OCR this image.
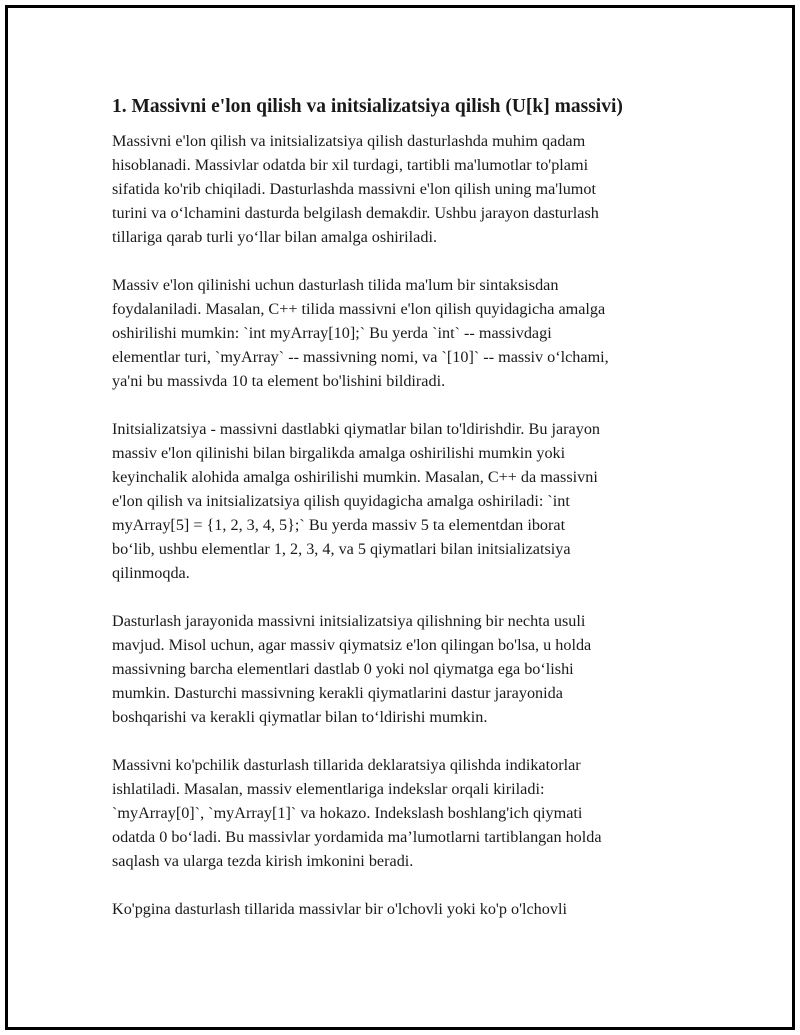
1. Massivni e'lon qilish va initsializatsiya qilish (U[k] massivi)

Massivni e'lon qilish va initsializatsiya qilish dasturlashda muhim qadam
hisoblanadi. Massivlar odatda bir xil turdagi, tartibli ma'lumotlar to'plami
sifatida ko'rib chiqiladi. Dasturlashda massivni e'lon qilish uning ma'lumot
turini va o‘lchamini dasturda belgilash demakdir. Ushbu jarayon dasturlash
tillariga qarab turli yo‘llar bilan amalga oshiriladi.

Massiv e'lon qilinishi uchun dasturlash tilida ma'lum bir sintaksisdan
foydalaniladi. Masalan, C++ tilida massivni e'lon qilish quyidagicha amalga
oshirilishi mumkin: `int myArray[10];` Bu yerda `int` -- massivdagi
elementlar turi, `myArray` -- massivning nomi, va `[10]` -- massiv o‘lchami,
ya'ni bu massivda 10 ta element bo'lishini bildiradi.

Initsializatsiya - massivni dastlabki qiymatlar bilan to'ldirishdir. Bu jarayon
massiv e'lon qilinishi bilan birgalikda amalga oshirilishi mumkin yoki
keyinchalik alohida amalga oshirilishi mumkin. Masalan, C++ da massivni
e'lon qilish va initsializatsiya qilish quyidagicha amalga oshiriladi: `int
myArray[5] = {1, 2, 3, 4, 5};` Bu yerda massiv 5 ta elementdan iborat
bo‘lib, ushbu elementlar 1, 2, 3, 4, va 5 qiymatlari bilan initsializatsiya
qilinmoqda.

Dasturlash jarayonida massivni initsializatsiya qilishning bir nechta usuli
mavjud. Misol uchun, agar massiv qiymatsiz e'lon qilingan bo'lsa, u holda
massivning barcha elementlari dastlab 0 yoki nol qiymatga ega bo‘lishi
mumkin. Dasturchi massivning kerakli qiymatlarini dastur jarayonida
boshqarishi va kerakli qiymatlar bilan to‘ldirishi mumkin.

Massivni ko'pchilik dasturlash tillarida deklaratsiya qilishda indikatorlar
ishlatiladi. Masalan, massiv elementlariga indekslar orqali kiriladi:
`myArray[0]`, `myArray[1]` va hokazo. Indekslash boshlang'ich qiymati
odatda 0 bo‘ladi. Bu massivlar yordamida ma’lumotlarni tartiblangan holda
saqlash va ularga tezda kirish imkonini beradi.

Ko'pgina dasturlash tillarida massivlar bir o'lchovli yoki ko'p o'lchovli
